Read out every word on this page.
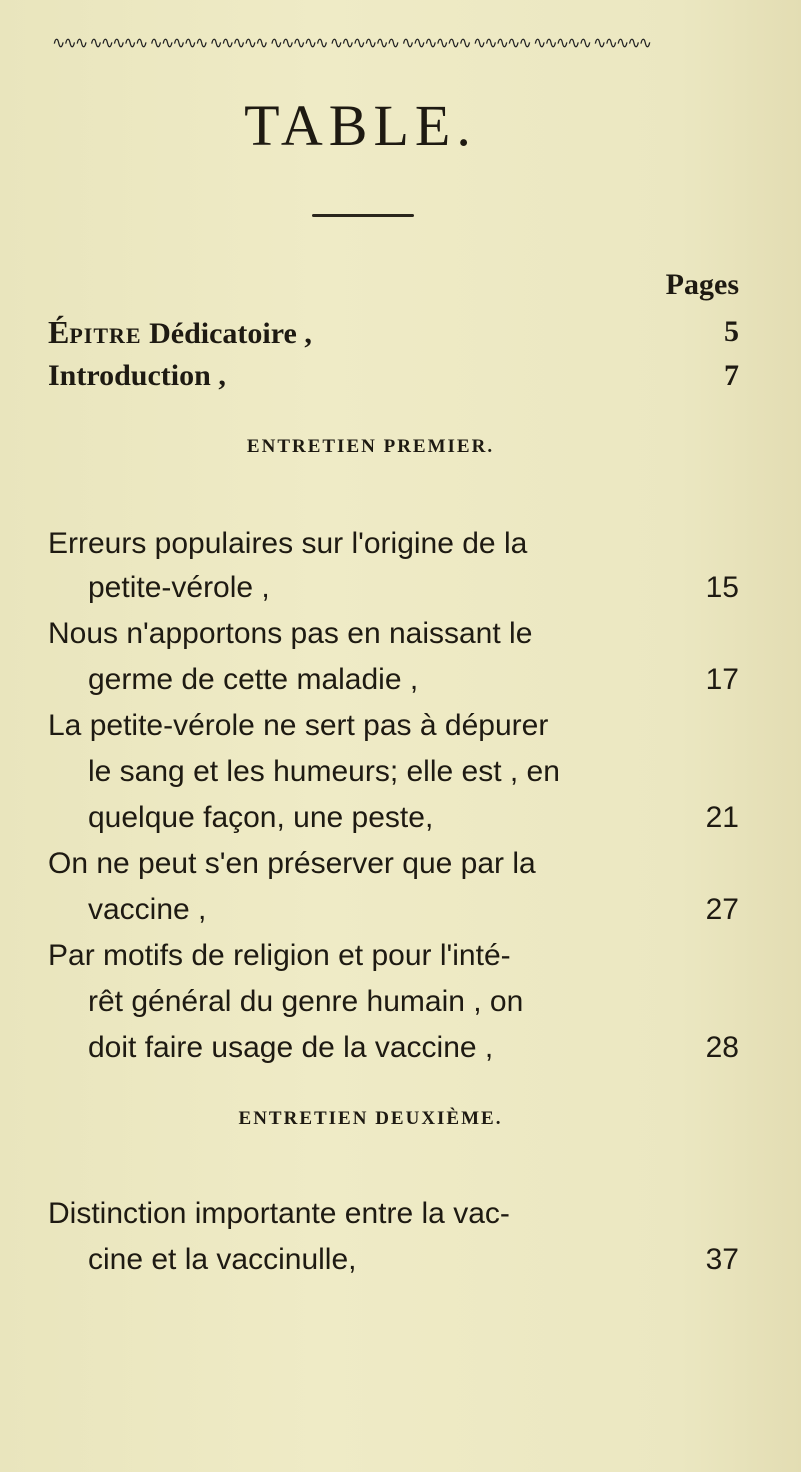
∿∿∿ ∿∿∿∿∿ ∿∿∿∿∿ ∿∿∿∿∿ ∿∿∿∿∿ ∿∿∿∿∿∿ ∿∿∿∿∿∿ ∿∿∿∿∿ ∿∿∿∿∿ ∿∿∿∿∿
TABLE.
Pages
ÉPITRE Dédicatoire ,	5
Introduction ,	7
ENTRETIEN PREMIER.
Erreurs populaires sur l'origine de la
petite-vérole ,	15
Nous n'apportons pas en naissant le
germe de cette maladie ,	17
La petite-vérole ne sert pas à dépurer
le sang et les humeurs; elle est , en
quelque façon, une peste,	21
On ne peut s'en préserver que par la
vaccine ,	27
Par motifs de religion et pour l'inté-
rêt général du genre humain , on
doit faire usage de la vaccine ,	28
ENTRETIEN DEUXIÈME.
Distinction importante entre la vac-
cine et la vaccinulle,	37
